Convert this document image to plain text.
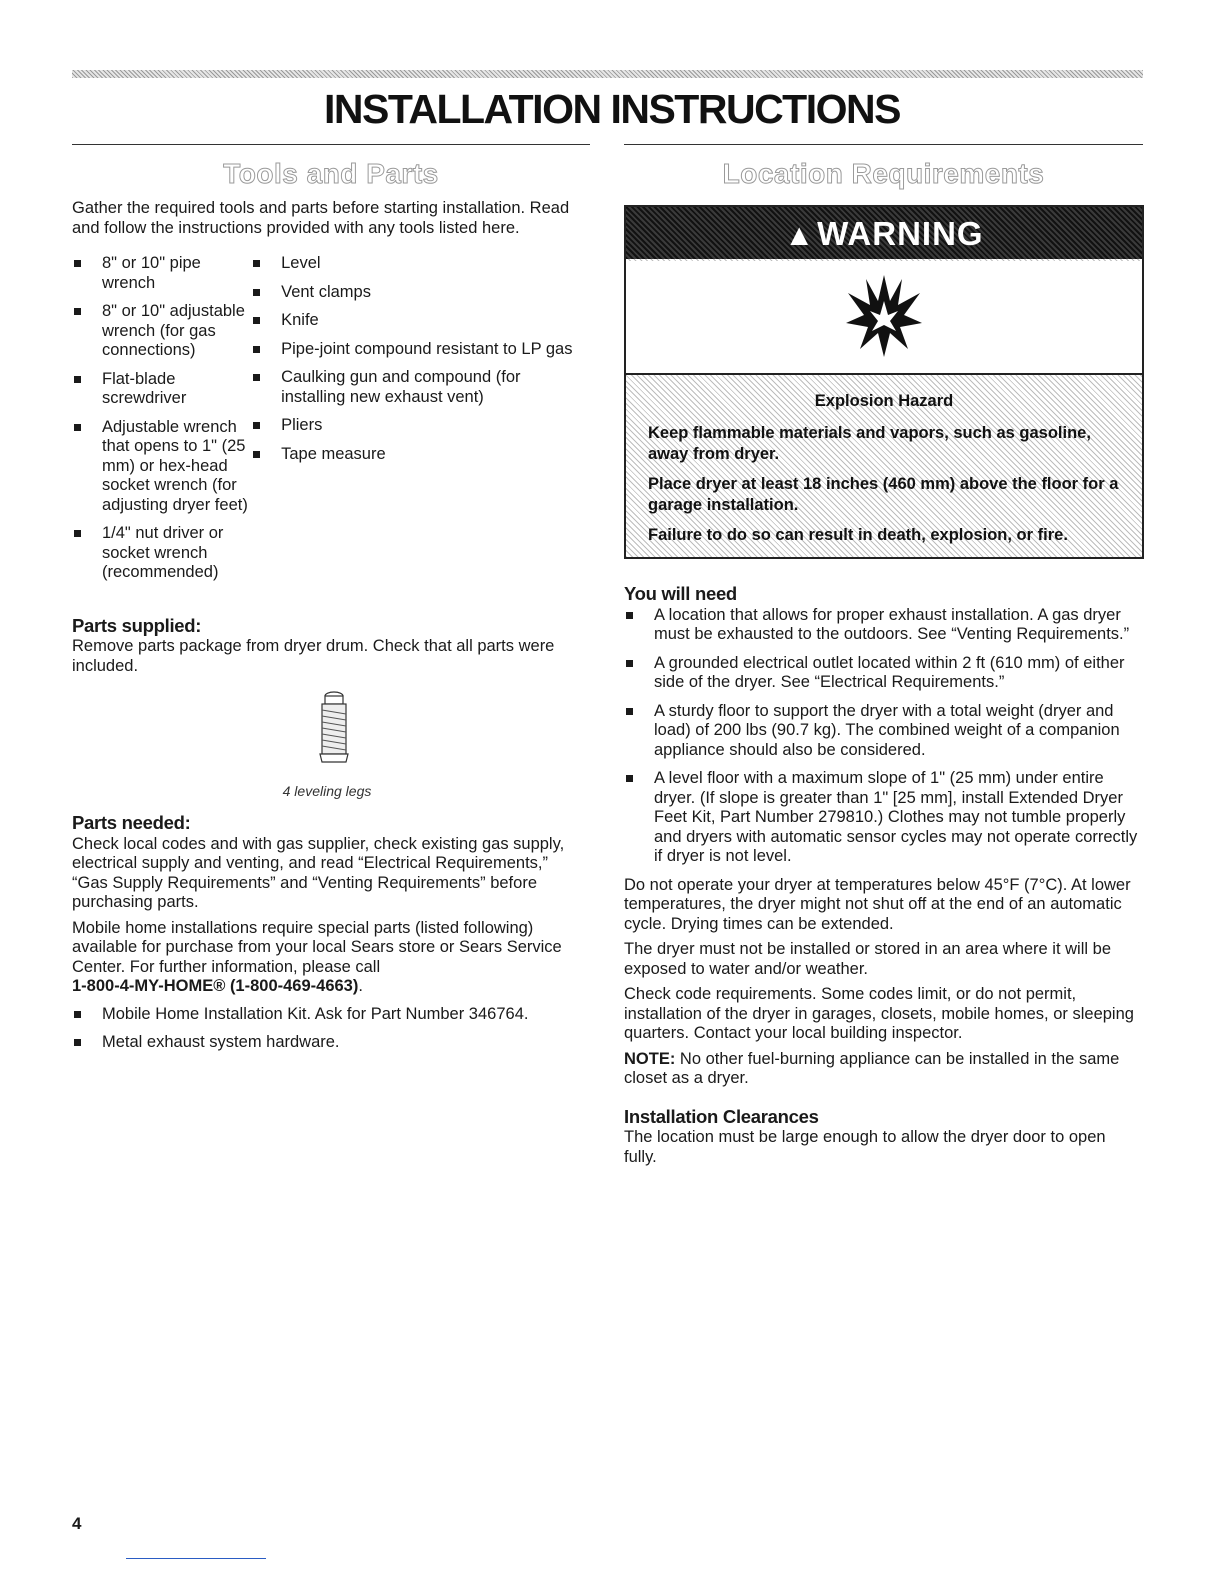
INSTALLATION INSTRUCTIONS
Tools and Parts

Gather the required tools and parts before starting installation. Read and follow the instructions provided with any tools listed here.

8" or 10" pipe wrench
8" or 10" adjustable wrench (for gas connections)
Flat-blade screwdriver
Adjustable wrench that opens to 1" (25 mm) or hex-head socket wrench (for adjusting dryer feet)
1/4" nut driver or socket wrench (recommended)
Level
Vent clamps
Knife
Pipe-joint compound resistant to LP gas
Caulking gun and compound (for installing new exhaust vent)
Pliers
Tape measure
Parts supplied:

Remove parts package from dryer drum. Check that all parts were included.

4 leveling legs
Parts needed:

Check local codes and with gas supplier, check existing gas supply, electrical supply and venting, and read “Electrical Requirements,” “Gas Supply Requirements” and “Venting Requirements” before purchasing parts.

Mobile home installations require special parts (listed following) available for purchase from your local Sears store or Sears Service Center. For further information, please call
1-800-4-MY-HOME® (1-800-469-4663).

Mobile Home Installation Kit. Ask for Part Number 346764.
Metal exhaust system hardware.
Location Requirements
▲WARNING
Explosion Hazard

Keep flammable materials and vapors, such as gasoline, away from dryer.

Place dryer at least 18 inches (460 mm) above the floor for a garage installation.

Failure to do so can result in death, explosion, or fire.

You will need
A location that allows for proper exhaust installation. A gas dryer must be exhausted to the outdoors. See “Venting Requirements.”
A grounded electrical outlet located within 2 ft (610 mm) of either side of the dryer. See “Electrical Requirements.”
A sturdy floor to support the dryer with a total weight (dryer and load) of 200 lbs (90.7 kg). The combined weight of a companion appliance should also be considered.
A level floor with a maximum slope of 1" (25 mm) under entire dryer. (If slope is greater than 1" [25 mm], install Extended Dryer Feet Kit, Part Number 279810.) Clothes may not tumble properly and dryers with automatic sensor cycles may not operate correctly if dryer is not level.

Do not operate your dryer at temperatures below 45°F (7°C). At lower temperatures, the dryer might not shut off at the end of an automatic cycle. Drying times can be extended.

The dryer must not be installed or stored in an area where it will be exposed to water and/or weather.

Check code requirements. Some codes limit, or do not permit, installation of the dryer in garages, closets, mobile homes, or sleeping quarters. Contact your local building inspector.

NOTE: No other fuel-burning appliance can be installed in the same closet as a dryer.

Installation Clearances

The location must be large enough to allow the dryer door to open fully.

4
